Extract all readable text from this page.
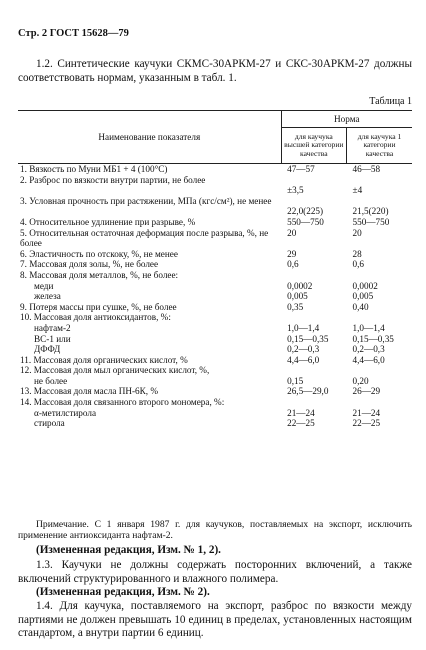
Стр. 2 ГОСТ 15628—79
1.2. Синтетические каучуки СКМС-30АРКМ-27 и СКС-30АРКМ-27 должны соответствовать нормам, указанным в табл. 1.
Таблица 1
Наименование показателя	Норма	
	для каучука высшей категории качества	для каучука 1 категории качества
1. Вязкость по Муни МБ1 + 4 (100°С)	47—57	46—58
2. Разброс по вязкости внутри партии, не более		
	±3,5	±4
3. Условная прочность при растяжении, МПа (кгс/см²), не менее		
	22,0(225)	21,5(220)
4. Относительное удлинение при разрыве, %	550—750	550—750
5. Относительная остаточная деформация после разрыва, %, не более	20	20
6. Эластичность по отскоку, %, не менее	29	28
7. Массовая доля золы, %, не более	0,6	0,6
8. Массовая доля металлов, %, не более:		
меди	0,0002	0,0002
железа	0,005	0,005
9. Потеря массы при сушке, %, не более	0,35	0,40
10. Массовая доля антиоксидантов, %:		
нафтам-2	1,0—1,4	1,0—1,4
ВС-1 или	0,15—0,35	0,15—0,35
ДФФД	0,2—0,3	0,2—0,3
11. Массовая доля органических кислот, %	4,4—6,0	4,4—6,0
12. Массовая доля мыл органических кислот, %,		
не более	0,15	0,20
13. Массовая доля масла ПН-6К, %	26,5—29,0	26—29
14. Массовая доля связанного второго мономера, %:		
α-метилстирола	21—24	21—24
стирола	22—25	22—25
Примечание. С 1 января 1987 г. для каучуков, поставляемых на экспорт, исключить применение антиоксиданта нафтам-2.
(Измененная редакция, Изм. № 1, 2).
1.3. Каучуки не должны содержать посторонних включений, а также включений структурированного и влажного полимера.
(Измененная редакция, Изм. № 2).
1.4. Для каучука, поставляемого на экспорт, разброс по вязкости между партиями не должен превышать 10 единиц в пределах, установленных настоящим стандартом, а внутри партии 6 единиц.
